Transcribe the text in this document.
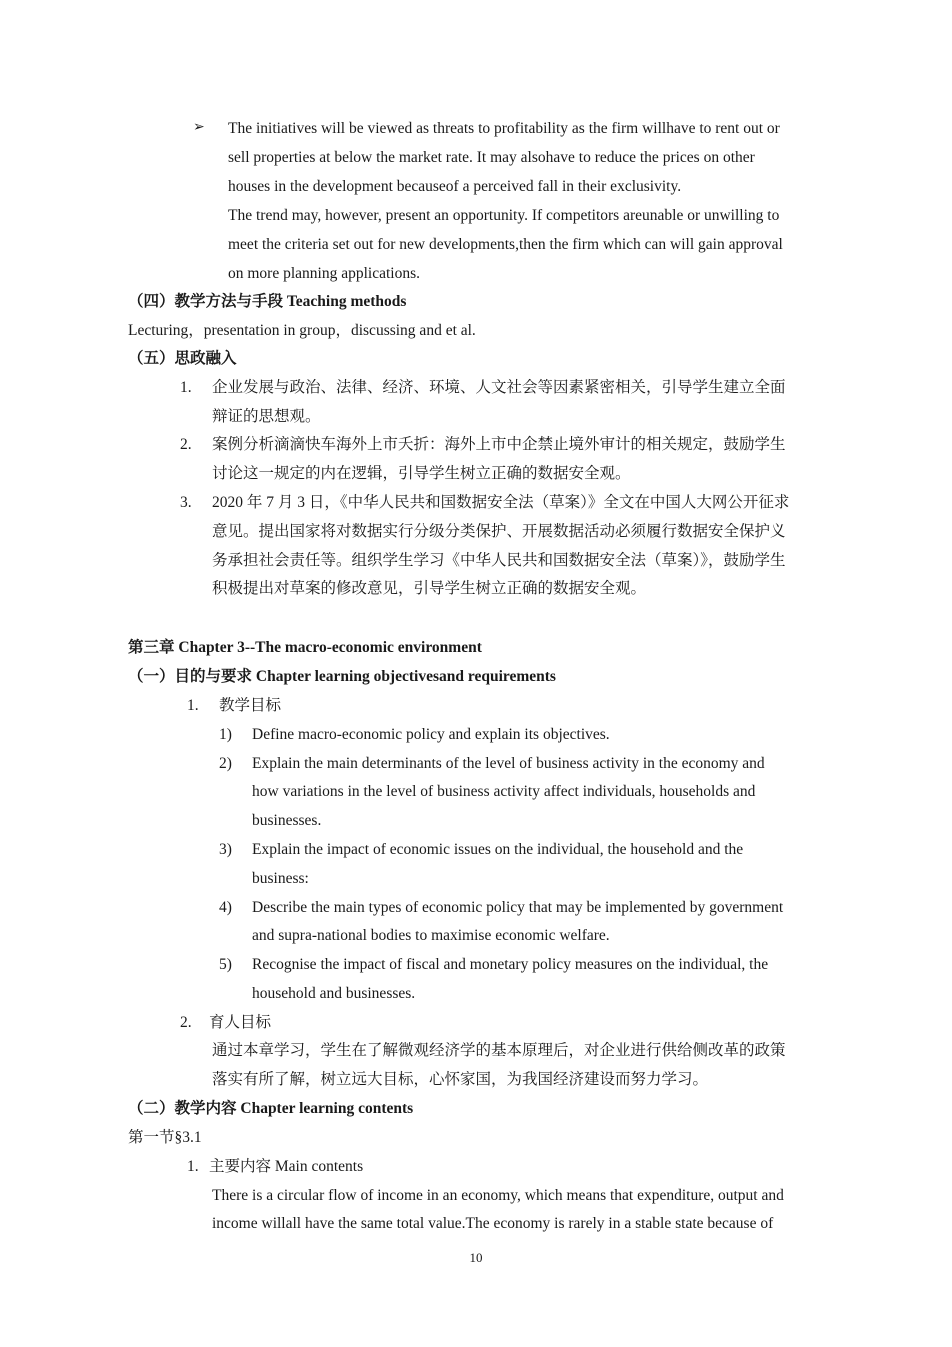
➢ The initiatives will be viewed as threats to profitability as the firm willhave to rent out or
sell properties at below the market rate. It may alsohave to reduce the prices on other
houses in the development becauseof a perceived fall in their exclusivity.
The trend may, however, present an opportunity. If competitors areunable or unwilling to
meet the criteria set out for new developments,then the firm which can will gain approval
on more planning applications.
（四）教学方法与手段 Teaching methods
Lecturing，presentation in group，discussing and et al.
（五）思政融入
1. 企业发展与政治、法律、经济、环境、人文社会等因素紧密相关，引导学生建立全面
辩证的思想观。
2. 案例分析滴滴快车海外上市夭折：海外上市中企禁止境外审计的相关规定，鼓励学生
讨论这一规定的内在逻辑，引导学生树立正确的数据安全观。
3. 2020 年 7 月 3 日，《中华人民共和国数据安全法（草案）》全文在中国人大网公开征求
意见。提出国家将对数据实行分级分类保护、开展数据活动必须履行数据安全保护义
务承担社会责任等。组织学生学习《中华人民共和国数据安全法（草案）》，鼓励学生
积极提出对草案的修改意见，引导学生树立正确的数据安全观。
第三章 Chapter 3--The macro-economic environment
（一）目的与要求 Chapter learning objectivesand requirements
1. 教学目标
1) Define macro-economic policy and explain its objectives.
2) Explain the main determinants of the level of business activity in the economy and
how variations in the level of business activity affect individuals, households and
businesses.
3) Explain the impact of economic issues on the individual, the household and the
business:
4) Describe the main types of economic policy that may be implemented by government
and supra-national bodies to maximise economic welfare.
5) Recognise the impact of fiscal and monetary policy measures on the individual, the
household and businesses.
2. 育人目标
通过本章学习，学生在了解微观经济学的基本原理后，对企业进行供给侧改革的政策
落实有所了解，树立远大目标，心怀家国，为我国经济建设而努力学习。
（二）教学内容 Chapter learning contents
第一节§3.1
1. 主要内容 Main contents
There is a circular flow of income in an economy, which means that expenditure, output and
income willall have the same total value.The economy is rarely in a stable state because of
10
